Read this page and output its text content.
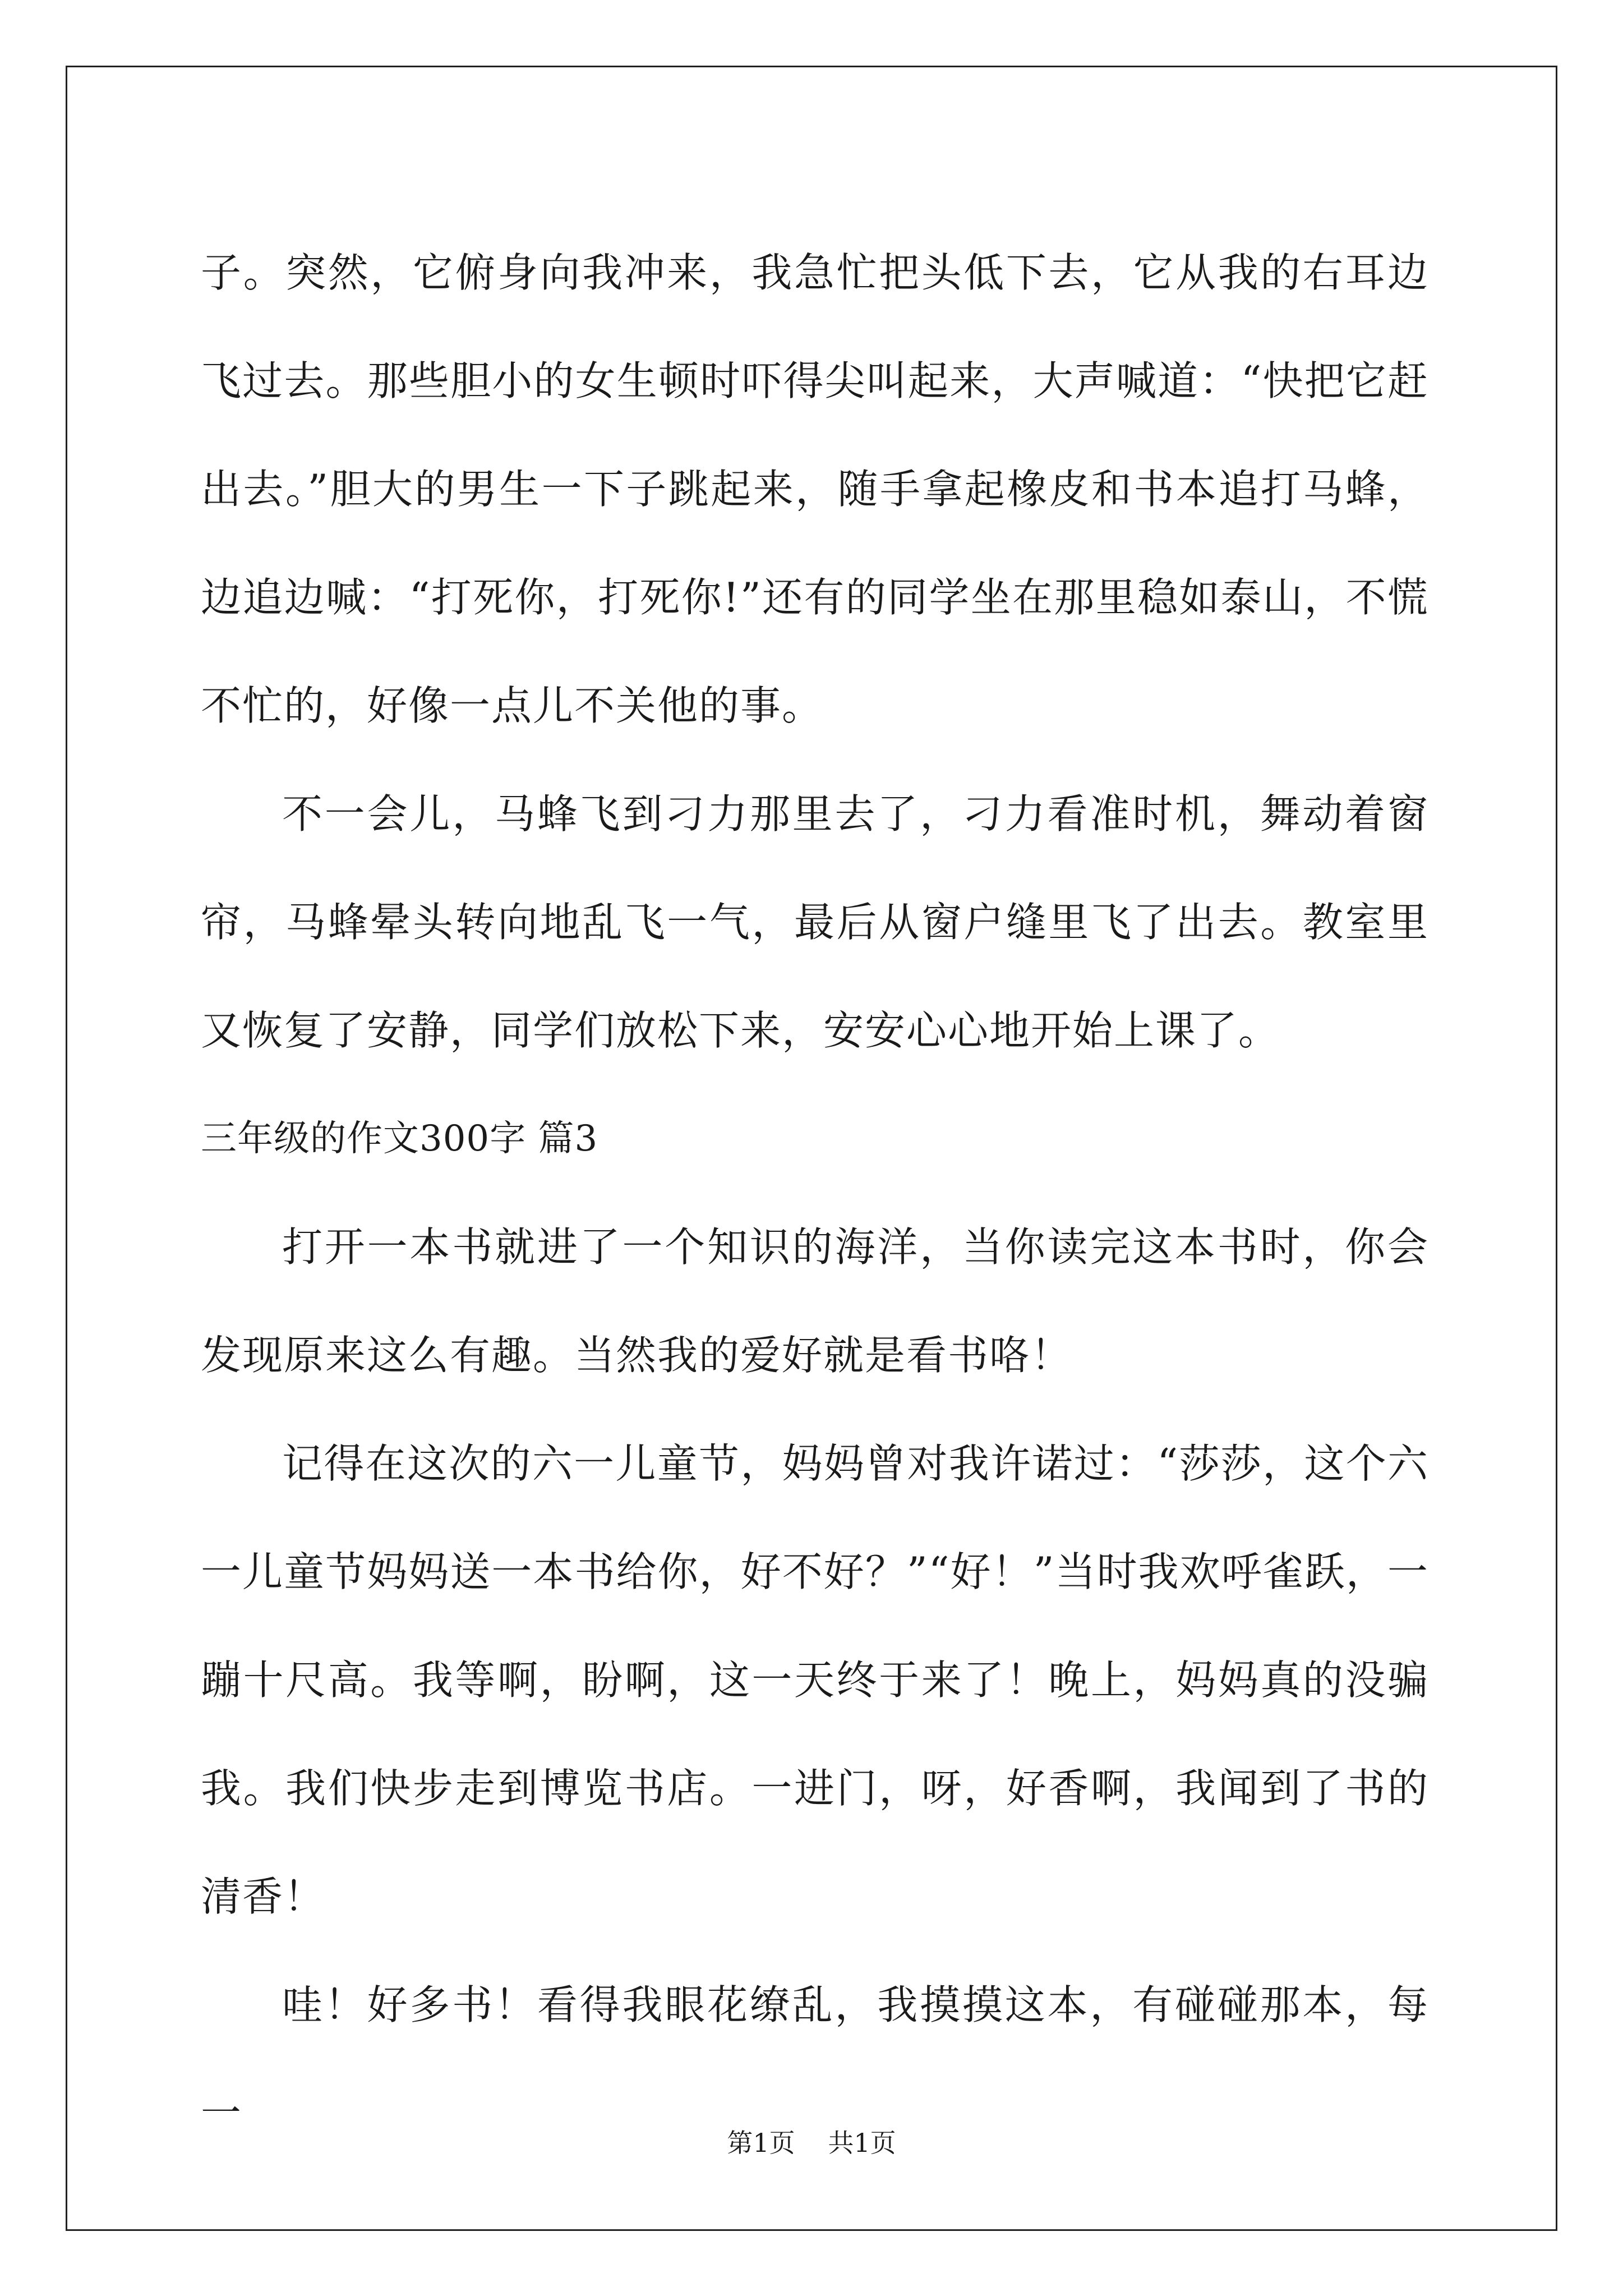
子。突然，它俯身向我冲来，我急忙把头低下去，它从我的右耳边飞过去。那些胆小的女生顿时吓得尖叫起来，大声喊道：“快把它赶出去。”胆大的男生一下子跳起来，随手拿起橡皮和书本追打马蜂，边追边喊：“打死你，打死你!”还有的同学坐在那里稳如泰山，不慌不忙的，好像一点儿不关他的事。

不一会儿，马蜂飞到刁力那里去了，刁力看准时机，舞动着窗帘，马蜂晕头转向地乱飞一气，最后从窗户缝里飞了出去。教室里又恢复了安静，同学们放松下来，安安心心地开始上课了。

三年级的作文300字 篇3

打开一本书就进了一个知识的海洋，当你读完这本书时，你会发现原来这么有趣。当然我的爱好就是看书咯！

记得在这次的六一儿童节，妈妈曾对我许诺过：“莎莎，这个六一儿童节妈妈送一本书给你，好不好？”“好！”当时我欢呼雀跃，一蹦十尺高。我等啊，盼啊，这一天终于来了！晚上，妈妈真的没骗我。我们快步走到博览书店。一进门，呀，好香啊，我闻到了书的清香！

哇！好多书！看得我眼花缭乱，我摸摸这本，有碰碰那本，每一

第1页 共1页
